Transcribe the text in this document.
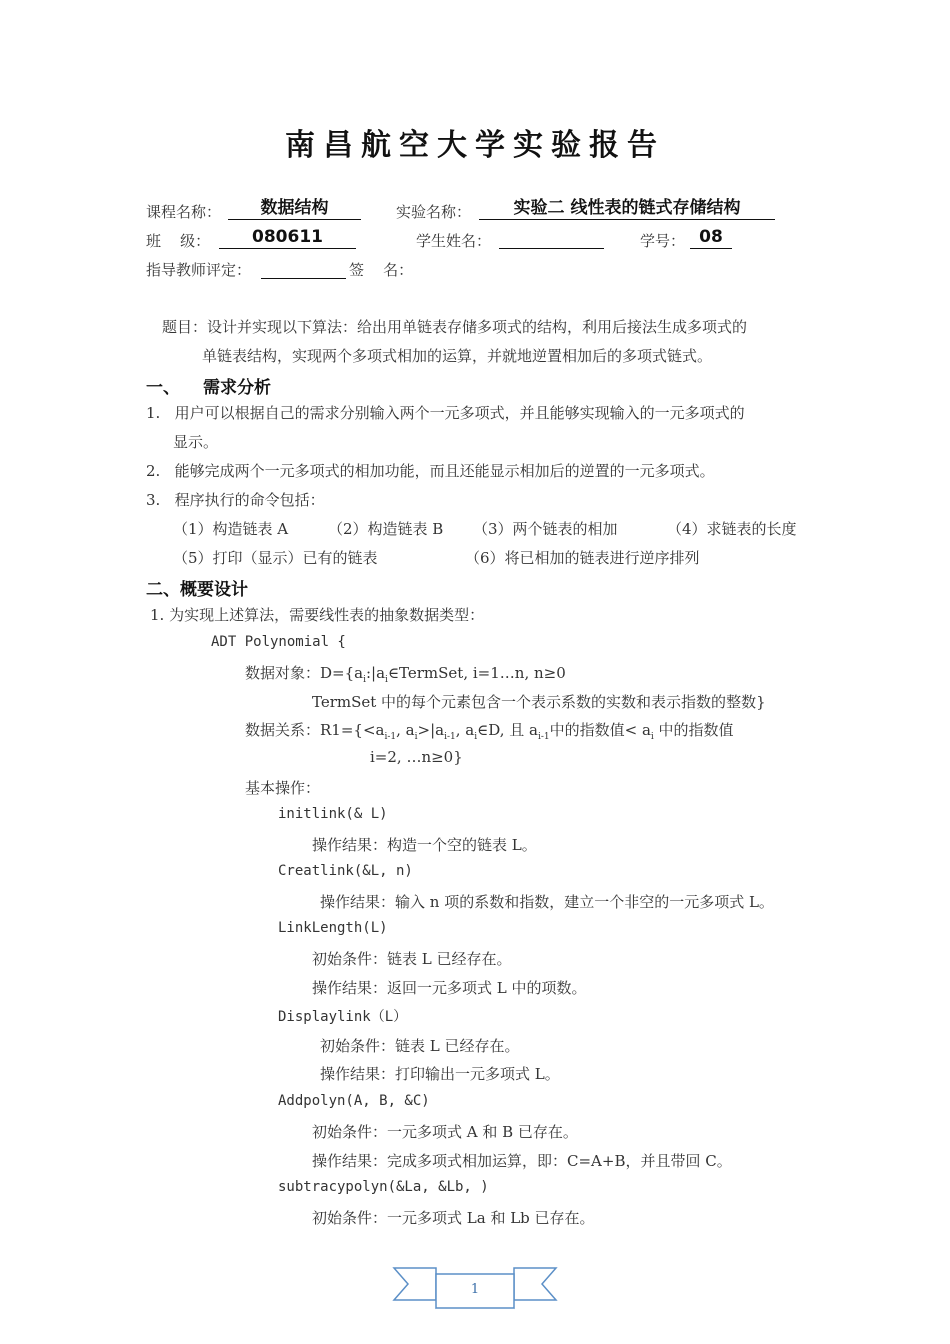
南昌航空大学实验报告
课程名称：	数据结构	实验名称：	实验二 线性表的链式存储结构
班    级：	080611	学生姓名：	学号： 08
指导教师评定：	签    名：
题目：设计并实现以下算法：给出用单链表存储多项式的结构，利用后接法生成多项式的
单链表结构，实现两个多项式相加的运算，并就地逆置相加后的多项式链式。
一、 需求分析
1.   用户可以根据自己的需求分别输入两个一元多项式，并且能够实现输入的一元多项式的
显示。
2.   能够完成两个一元多项式的相加功能，而且还能显示相加后的逆置的一元多项式。
3.   程序执行的命令包括：
（1）构造链表 A	（2）构造链表 B （3）两个链表的相加	（4）求链表的长度
（5）打印（显示）已有的链表	（6）将已相加的链表进行逆序排列
二、概要设计
1. 为实现上述算法，需要线性表的抽象数据类型：
ADT Polynomial {
数据对象：$D=\{a_i:|a_i\in TermSet$, i=1…n, n≥0
TermSet 中的每个元素包含一个表示系数的实数和表示指数的整数}
数据关系：$R1=\{<a_{i-1}$, $a_i>|a_{i-1}$, $a_i\in D$, 且 $a_{i-1}$中的指数值< $a_i$ 中的指数值
i=2, …n≥0}
基本操作：
initlink(& L)
操作结果：构造一个空的链表 L。
Creatlink(&L, n)
操作结果：输入 n 项的系数和指数，建立一个非空的一元多项式 L。
LinkLength(L)
初始条件：链表 L 已经存在。
操作结果：返回一元多项式 L 中的项数。
Displaylink（L）
初始条件：链表 L 已经存在。
操作结果：打印输出一元多项式 L。
Addpolyn(A, B, &C)
初始条件：一元多项式 A 和 B 已存在。
操作结果：完成多项式相加运算，即：C=A+B，并且带回 C。
subtracypolyn(&La, &Lb, )
初始条件：一元多项式 La 和 Lb 已存在。
1
